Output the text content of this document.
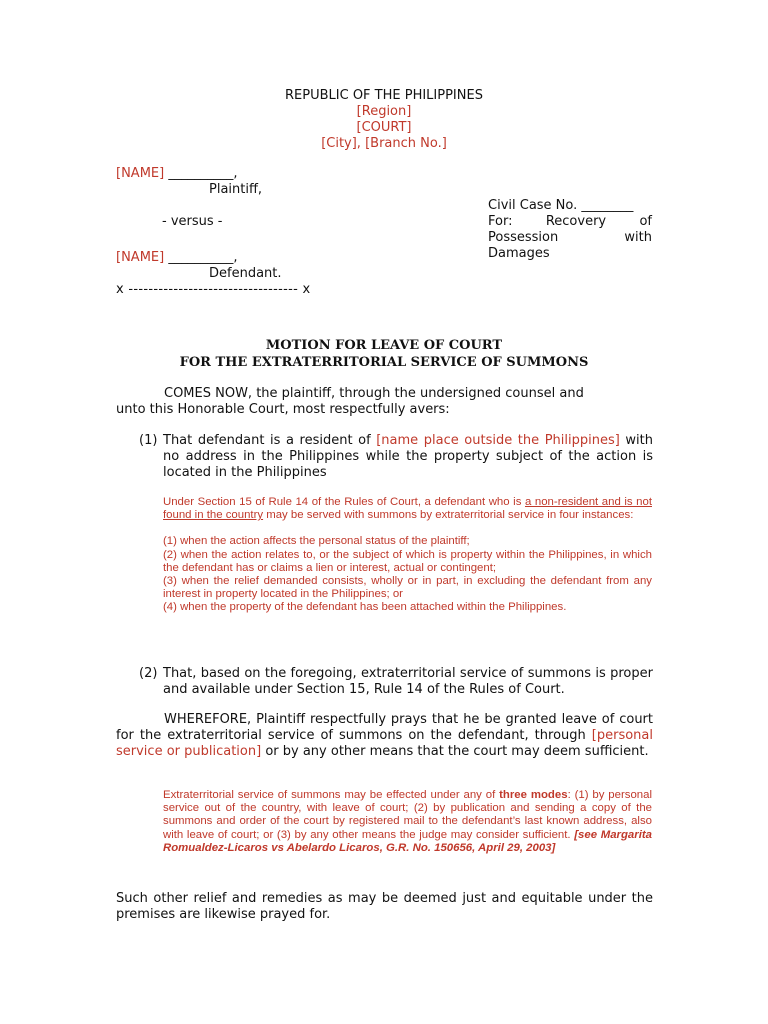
REPUBLIC OF THE PHILIPPINES
[Region]
[COURT]
[City], [Branch No.]
[NAME] __________,
Plaintiff,
- versus -
[NAME] __________,
Defendant.
x ---------------------------------- x
Civil Case No. ________
For:	Recovery	of
Possession	with
Damages
MOTION FOR LEAVE OF COURT
FOR THE EXTRATERRITORIAL SERVICE OF SUMMONS
COMES NOW, the plaintiff, through the undersigned counsel and
unto this Honorable Court, most respectfully avers:
(1) That defendant is a resident of [name place outside the Philippines] with no address in the Philippines while the property subject of the action is located in the Philippines

Under Section 15 of Rule 14 of the Rules of Court, a defendant who is a non-resident and is not found in the country may be served with summons by extraterritorial service in four instances:

(1) when the action affects the personal status of the plaintiff;

(2) when the action relates to, or the subject of which is property within the Philippines, in which the defendant has or claims a lien or interest, actual or contingent;

(3) when the relief demanded consists, wholly or in part, in excluding the defendant from any interest in property located in the Philippines; or

(4) when the property of the defendant has been attached within the Philippines.

(2) That, based on the foregoing, extraterritorial service of summons is proper and available under Section 15, Rule 14 of the Rules of Court.
WHEREFORE, Plaintiff respectfully prays that he be granted leave of court for the extraterritorial service of summons on the defendant, through [personal service or publication] or by any other means that the court may deem sufficient.
Extraterritorial service of summons may be effected under any of three modes: (1) by personal service out of the country, with leave of court; (2) by publication and sending a copy of the summons and order of the court by registered mail to the defendant’s last known address, also with leave of court; or (3) by any other means the judge may consider sufficient. [see Margarita Romualdez-Licaros vs Abelardo Licaros, G.R. No. 150656, April 29, 2003]
Such other relief and remedies as may be deemed just and equitable under the premises are likewise prayed for.
